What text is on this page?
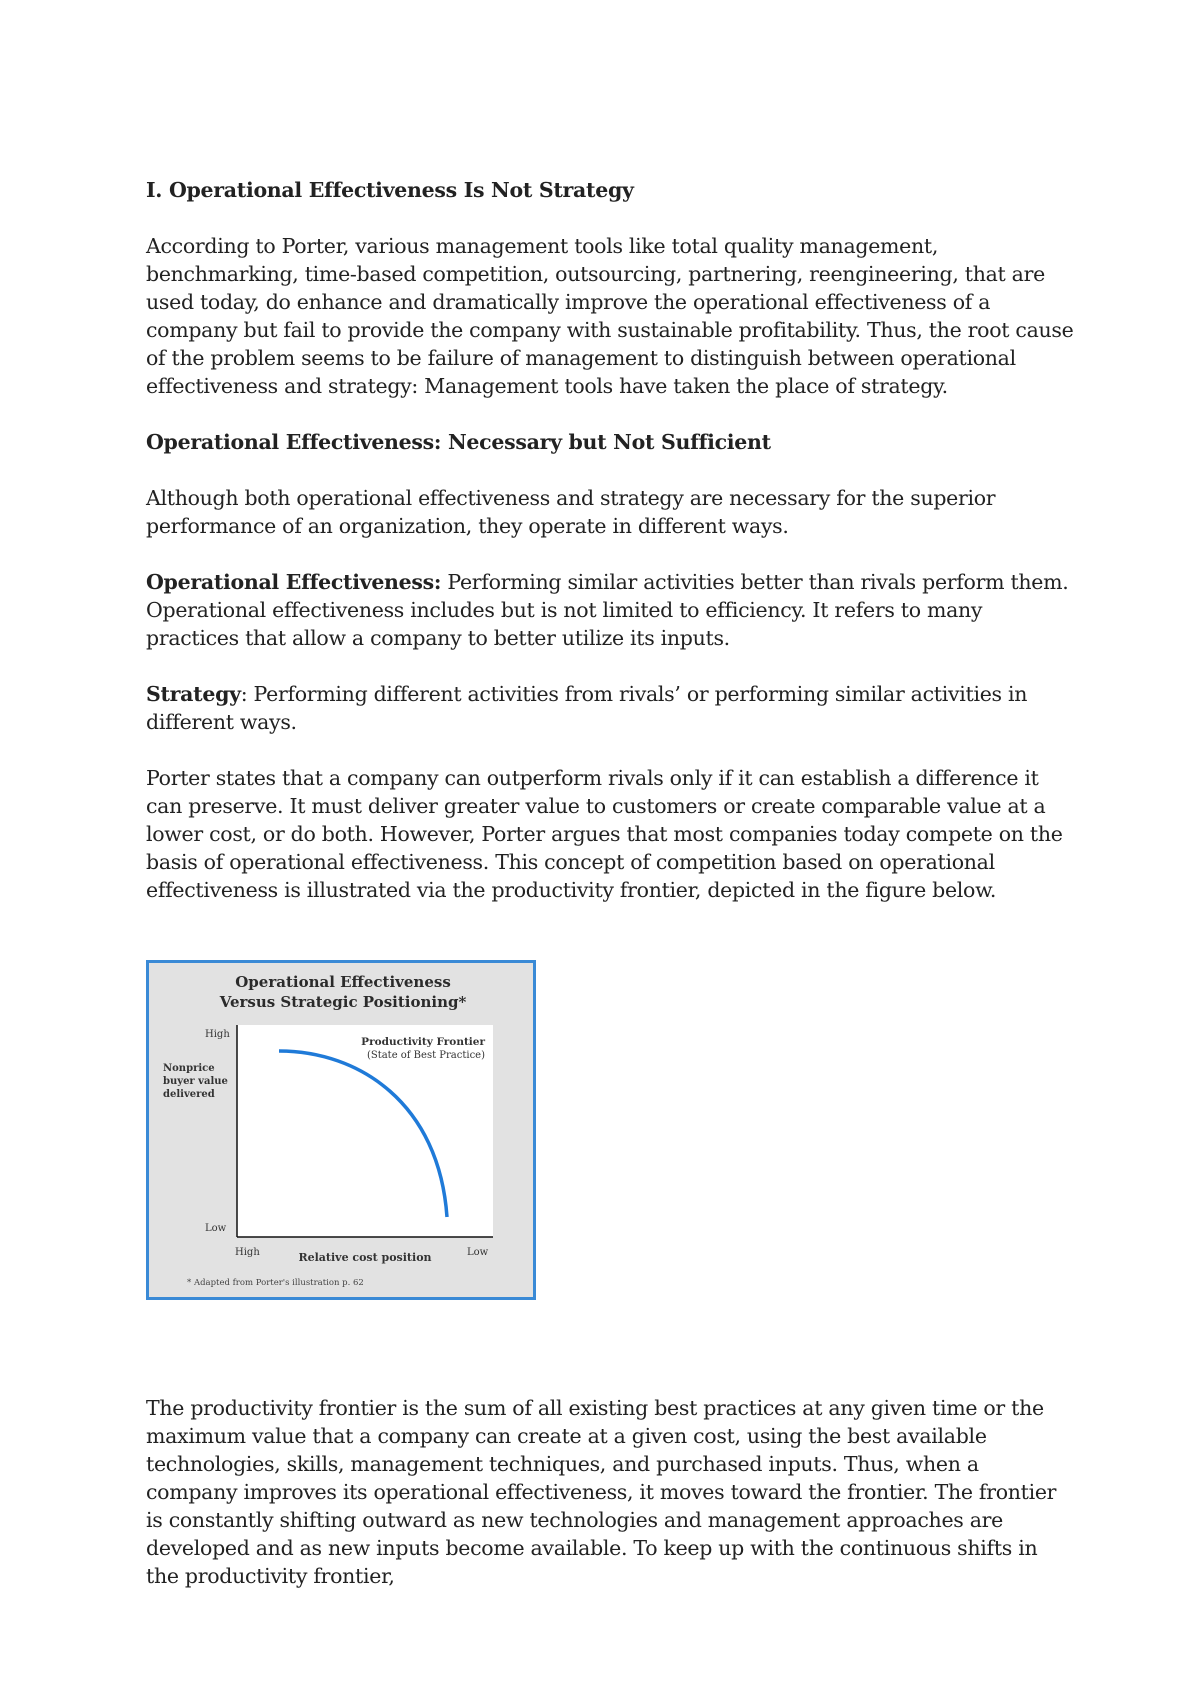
I. Operational Effectiveness Is Not Strategy

According to Porter, various management tools like total quality management, benchmarking, time-based competition, outsourcing, partnering, reengineering, that are used today, do enhance and dramatically improve the operational effectiveness of a company but fail to provide the company with sustainable profitability. Thus, the root cause of the problem seems to be failure of management to distinguish between operational effectiveness and strategy: Management tools have taken the place of strategy.

Operational Effectiveness: Necessary but Not Sufficient

Although both operational effectiveness and strategy are necessary for the superior performance of an organization, they operate in different ways.

Operational Effectiveness: Performing similar activities better than rivals perform them. Operational effectiveness includes but is not limited to efficiency. It refers to many practices that allow a company to better utilize its inputs.

Strategy: Performing different activities from rivals’ or performing similar activities in different ways.

Porter states that a company can outperform rivals only if it can establish a difference it can preserve. It must deliver greater value to customers or create comparable value at a lower cost, or do both. However, Porter argues that most companies today compete on the basis of operational effectiveness. This concept of competition based on operational effectiveness is illustrated via the productivity frontier, depicted in the figure below.

Operational Effectiveness
Versus Strategic Positioning*
High
Low
Nonprice
buyer value
delivered
High	Low
Relative cost position
Productivity Frontier
(State of Best Practice)
* Adapted from Porter's illustration p. 62

The productivity frontier is the sum of all existing best practices at any given time or the maximum value that a company can create at a given cost, using the best available technologies, skills, management techniques, and purchased inputs. Thus, when a company improves its operational effectiveness, it moves toward the frontier. The frontier is constantly shifting outward as new technologies and management approaches are developed and as new inputs become available. To keep up with the continuous shifts in the productivity frontier,
